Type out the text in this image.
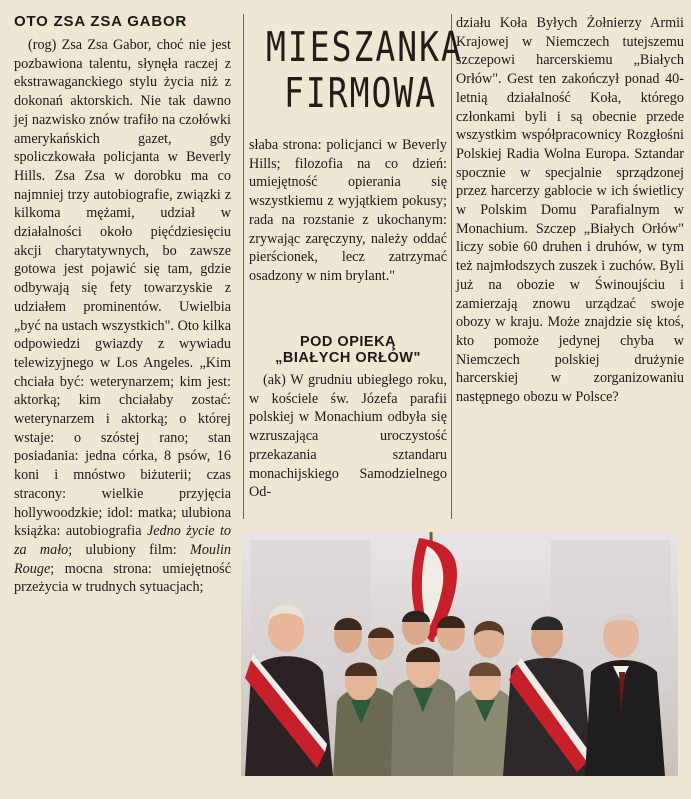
OTO ZSA ZSA GABOR
MIESZANKA
FIRMOWA

(rog) Zsa Zsa Gabor, choć nie jest pozbawiona talentu, słynęła raczej z ekstrawaganckiego stylu życia niż z dokonań aktorskich. Nie tak dawno jej nazwisko znów trafiło na czołówki amerykańskich gazet, gdy spoliczkowała policjanta w Beverly Hills. Zsa Zsa w dorobku ma co najmniej trzy autobiografie, związki z kilkoma mężami, udział w działalności około pięćdziesięciu akcji charytatywnych, bo zawsze gotowa jest pojawić się tam, gdzie odbywają się fety towarzyskie z udziałem prominentów. Uwielbia „być na ustach wszystkich". Oto kilka odpowiedzi gwiazdy z wywiadu telewizyjnego w Los Angeles. „Kim chciała być: weterynarzem; kim jest: aktorką; kim chciałaby zostać: weterynarzem i aktorką; o której wstaje: o szóstej rano; stan posiadania: jedna córka, 8 psów, 16 koni i mnóstwo biżuterii; czas stracony: wielkie przyjęcia hollywoodzkie; idol: matka; ulubiona książka: autobiografia Jedno życie to za mało; ulubiony film: Moulin Rouge; mocna strona: umiejętność przeżycia w trudnych sytuacjach;

słaba strona: policjanci w Beverly Hills; filozofia na co dzień: umiejętność opierania się wszystkiemu z wyjątkiem pokusy; rada na rozstanie z ukochanym: zrywając zaręczyny, należy oddać pierścionek, lecz zatrzymać osadzony w nim brylant."

POD OPIEKĄ
„BIAŁYCH ORŁÓW"

(ak) W grudniu ubiegłego roku, w kościele św. Józefa parafii polskiej w Monachium odbyła się wzruszająca uroczystość przekazania sztandaru monachijskiego Samodzielnego Od-

działu Koła Byłych Żołnierzy Armii Krajowej w Niemczech tutejszemu szczepowi harcerskiemu „Białych Orłów". Gest ten zakończył ponad 40-letnią działalność Koła, którego członkami byli i są obecnie przede wszystkim współpracownicy Rozgłośni Polskiej Radia Wolna Europa. Sztandar spocznie w specjalnie sprządzonej przez harcerzy gablocie w ich świetlicy w Polskim Domu Parafialnym w Monachium. Szczep „Białych Orłów" liczy sobie 60 druhen i druhów, w tym też najmłodszych zuszek i zuchów. Byli już na obozie w Świnoujściu i zamierzają znowu urządzać swoje obozy w kraju. Może znajdzie się ktoś, kto pomoże jedynej chyba w Niemczech polskiej drużynie harcerskiej w zorganizowaniu następnego obozu w Polsce?
